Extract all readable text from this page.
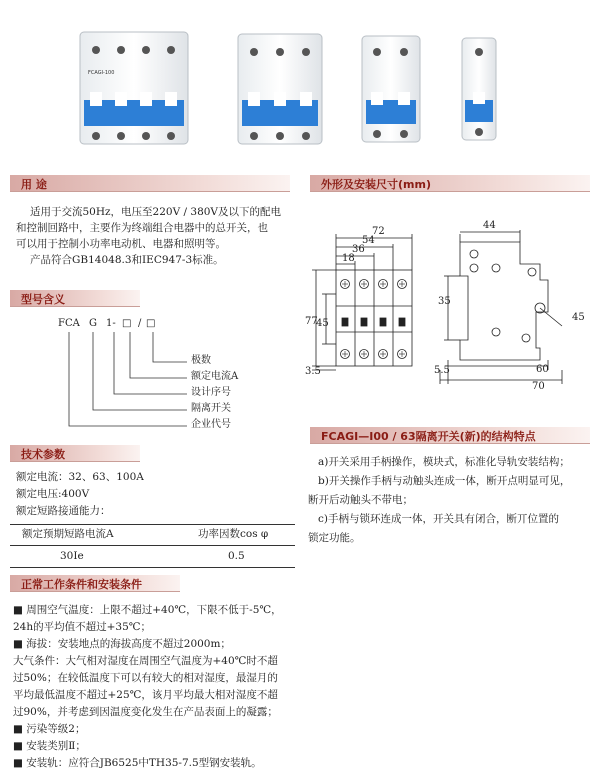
FCAGI-100
用 途
适用于交流50Hz，电压至220V / 380V及以下的配电
和控制回路中，主要作为终端组合电器中的总开关，也
可以用于控制小功率电动机、电器和照明等。
产品符合GB14048.3和IEC947-3标准。
型号含义
FCA G 1- □ / □
极数
额定电流A
设计序号
隔离开关
企业代号
技术参数
额定电流：32、63、100A
额定电压:400V
额定短路接通能力：
额定预期短路电流A	功率因数cos φ
30Ie	0.5
正常工作条件和安装条件
■ 周围空气温度：上限不超过+40℃，下限不低于-5℃，
24h的平均值不超过+35℃；
■ 海拔：安装地点的海拔高度不超过2000m；
大气条件：大气相对湿度在周围空气温度为+40℃时不超
过50%；在较低温度下可以有较大的相对湿度，最湿月的
平均最低温度不超过+25℃，该月平均最大相对湿度不超
过90%，并考虑到因温度变化发生在产品表面上的凝露；
■ 污染等级2；
■ 安装类别Ⅱ；
■ 安装轨：应符合JB6525中TH35-7.5型钢安装轨。
外形及安装尺寸(mm)
72
54
36
18
77
45
3.5
44
35
45
5.5	60
70
FCAGI—I00 / 63隔离开关(新)的结构特点
a)开关采用手柄操作，模块式，标准化导轨安装结构；
b)开关操作手柄与动触头连成一体，断开点明显可见，
断开后动触头不带电；
c)手柄与锁环连成一体，开关具有闭合，断丌位置的
锁定功能。
